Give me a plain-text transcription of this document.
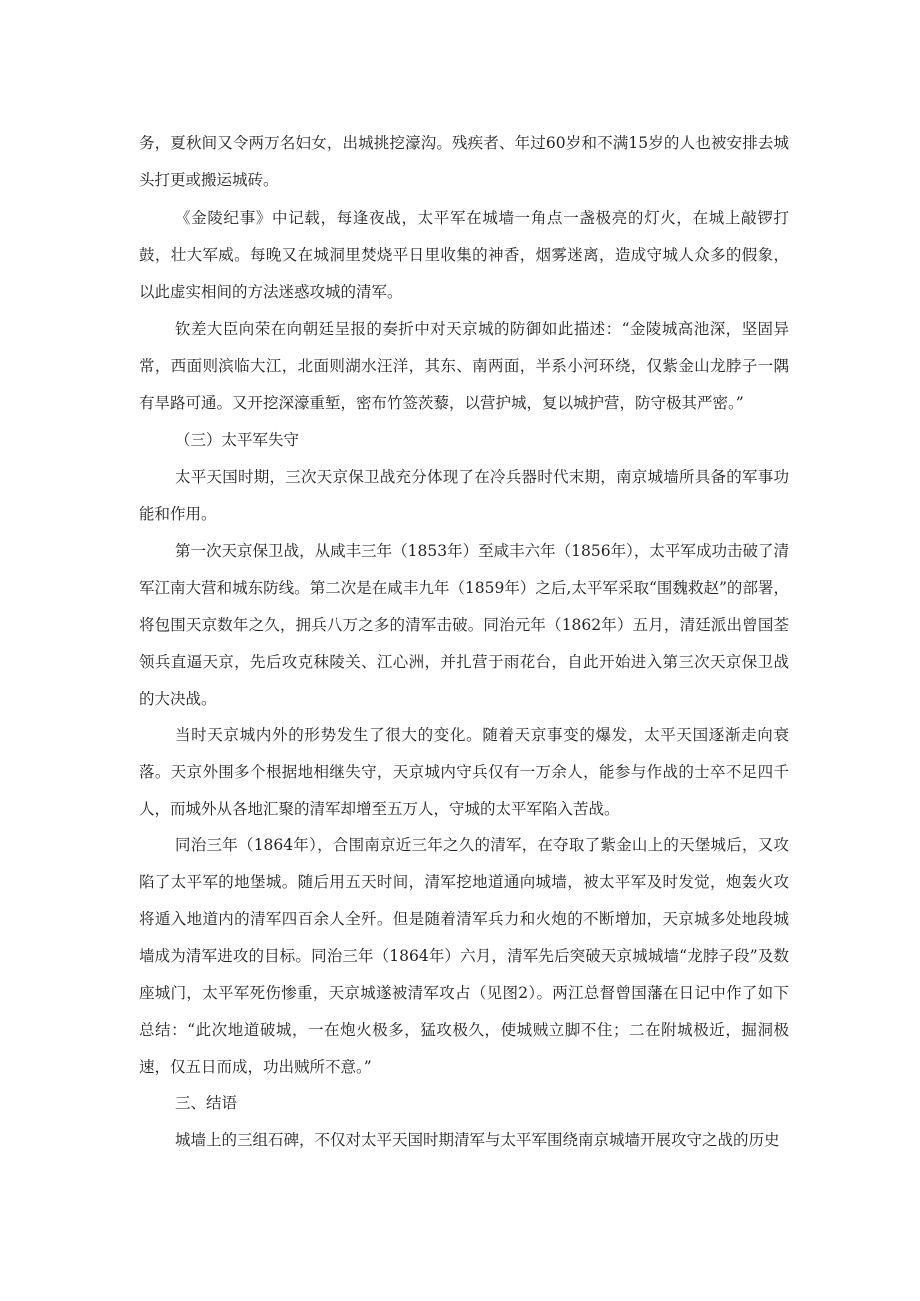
务，夏秋间又令两万名妇女，出城挑挖濠沟。残疾者、年过60岁和不满15岁的人也被安排去城头打更或搬运城砖。

《金陵纪事》中记载，每逢夜战，太平军在城墙一角点一盏极亮的灯火，在城上敲锣打鼓，壮大军威。每晚又在城洞里焚烧平日里收集的神香，烟雾迷离，造成守城人众多的假象，以此虚实相间的方法迷惑攻城的清军。

钦差大臣向荣在向朝廷呈报的奏折中对天京城的防御如此描述：“金陵城高池深，坚固异常，西面则滨临大江，北面则湖水汪洋，其东、南两面，半系小河环绕，仅紫金山龙脖子一隅有旱路可通。又开挖深濠重堑，密布竹签茨藜，以营护城，复以城护营，防守极其严密。”

（三）太平军失守

太平天国时期，三次天京保卫战充分体现了在冷兵器时代末期，南京城墙所具备的军事功能和作用。

第一次天京保卫战，从咸丰三年（1853年）至咸丰六年（1856年），太平军成功击破了清军江南大营和城东防线。第二次是在咸丰九年（1859年）之后,太平军采取“围魏救赵”的部署，将包围天京数年之久，拥兵八万之多的清军击破。同治元年（1862年）五月，清廷派出曾国荃领兵直逼天京，先后攻克秣陵关、江心洲，并扎营于雨花台，自此开始进入第三次天京保卫战的大决战。

当时天京城内外的形势发生了很大的变化。随着天京事变的爆发，太平天国逐渐走向衰落。天京外围多个根据地相继失守，天京城内守兵仅有一万余人，能参与作战的士卒不足四千人，而城外从各地汇聚的清军却增至五万人，守城的太平军陷入苦战。

同治三年（1864年），合围南京近三年之久的清军，在夺取了紫金山上的天堡城后，又攻陷了太平军的地堡城。随后用五天时间，清军挖地道通向城墙，被太平军及时发觉，炮轰火攻将遁入地道内的清军四百余人全歼。但是随着清军兵力和火炮的不断增加，天京城多处地段城墙成为清军进攻的目标。同治三年（1864年）六月，清军先后突破天京城城墙“龙脖子段”及数座城门，太平军死伤惨重，天京城遂被清军攻占（见图2）。两江总督曾国藩在日记中作了如下总结：“此次地道破城，一在炮火极多，猛攻极久，使城贼立脚不住；二在附城极近，掘洞极速，仅五日而成，功出贼所不意。”

三、结语

城墙上的三组石碑，不仅对太平天国时期清军与太平军围绕南京城墙开展攻守之战的历史
